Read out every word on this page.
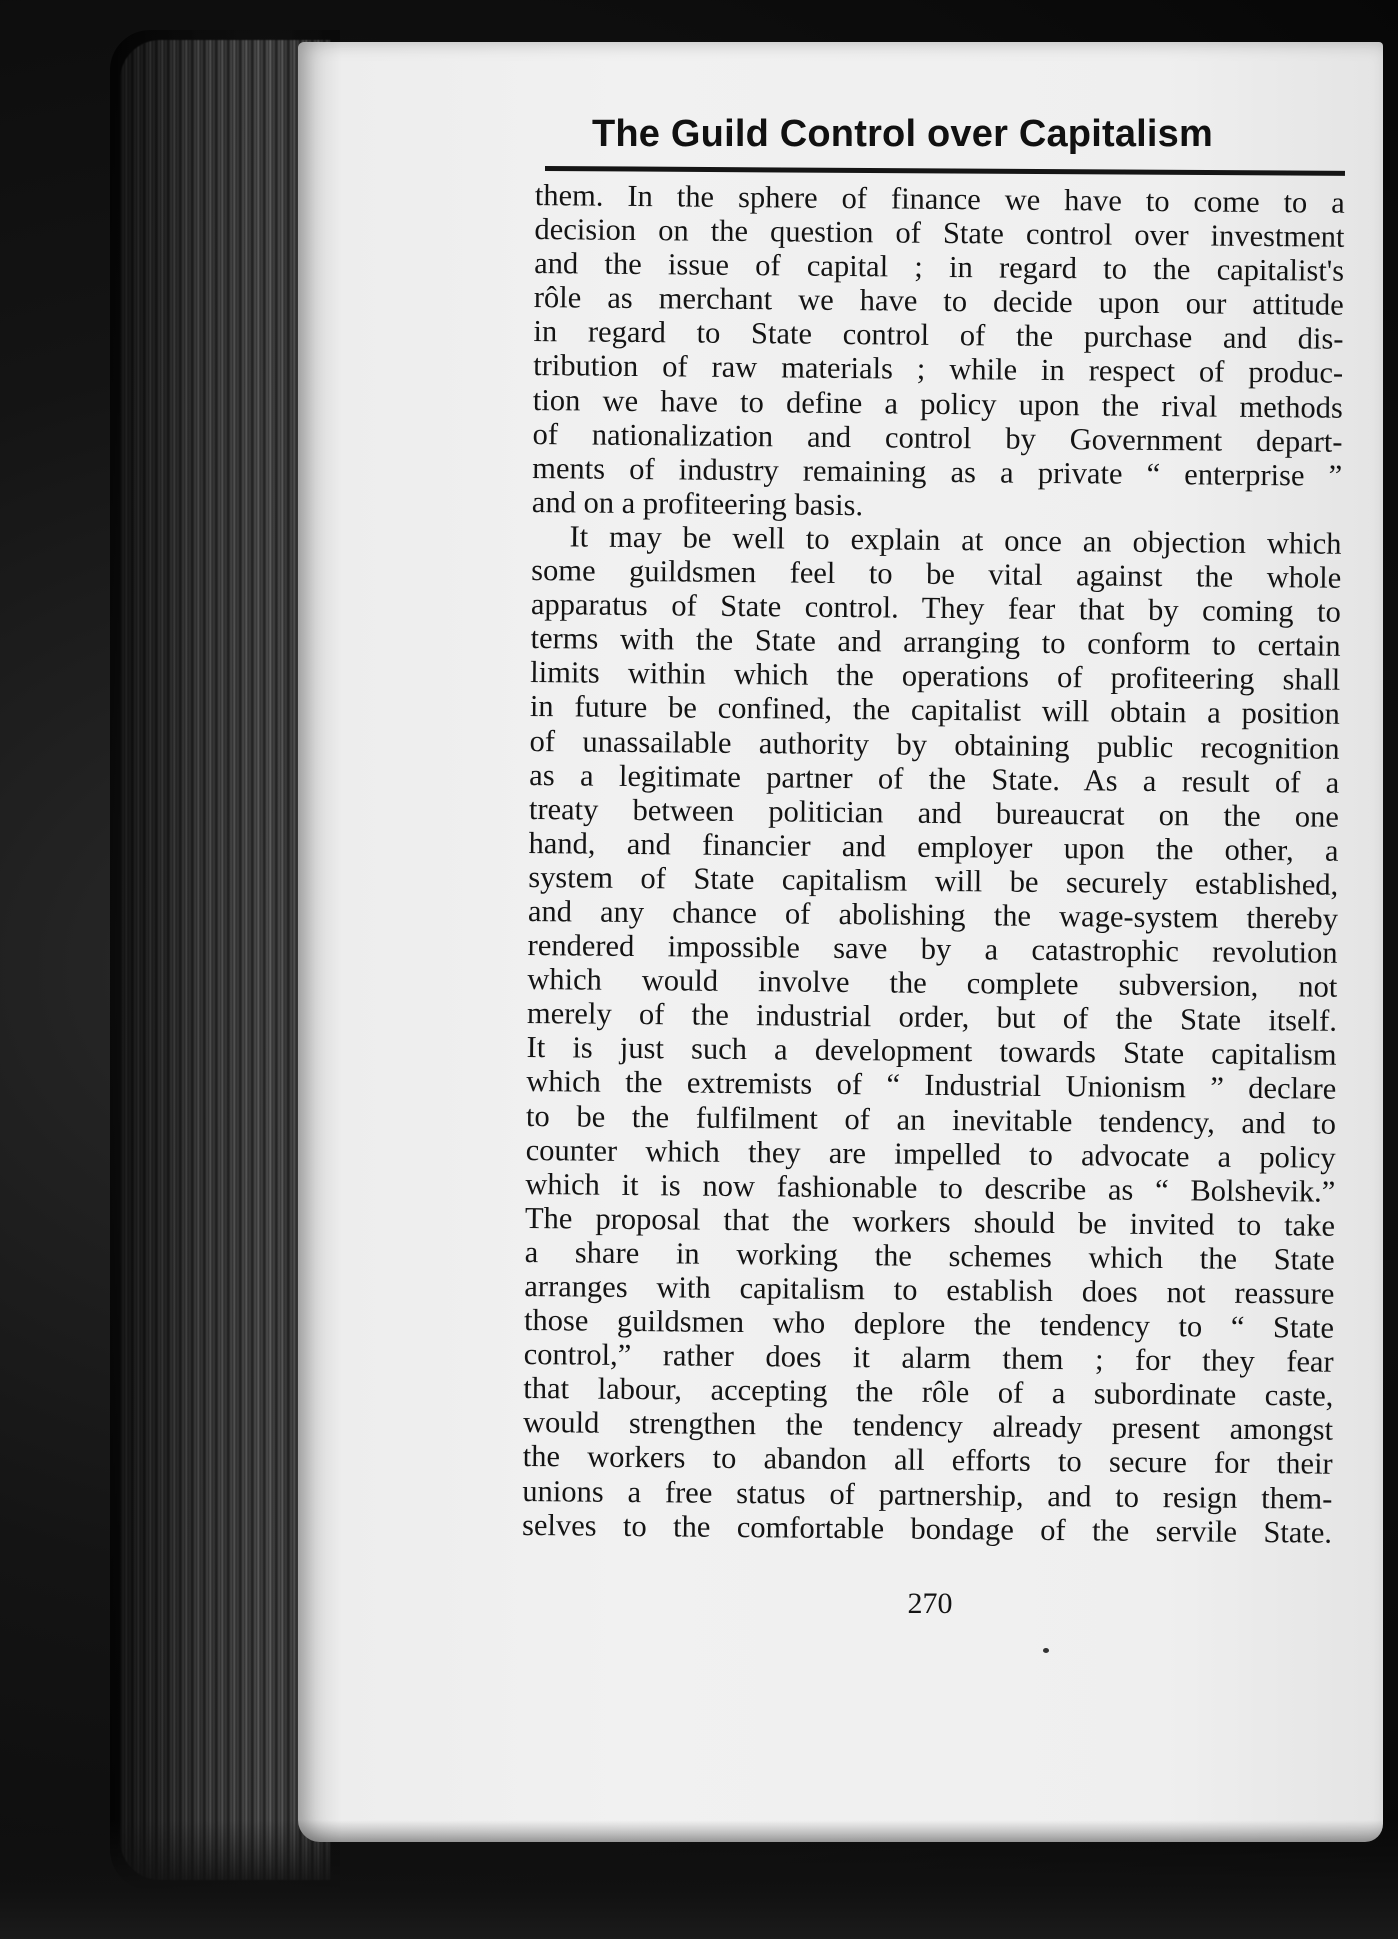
The Guild Control over Capitalism
them. In the sphere of finance we have to come to a
decision on the question of State control over investment
and the issue of capital ; in regard to the capitalist's
rôle as merchant we have to decide upon our attitude
in regard to State control of the purchase and dis-
tribution of raw materials ; while in respect of produc-
tion we have to define a policy upon the rival methods
of nationalization and control by Government depart-
ments of industry remaining as a private “ enterprise ”
and on a profiteering basis.
It may be well to explain at once an objection which
some guildsmen feel to be vital against the whole
apparatus of State control. They fear that by coming to
terms with the State and arranging to conform to certain
limits within which the operations of profiteering shall
in future be confined, the capitalist will obtain a position
of unassailable authority by obtaining public recognition
as a legitimate partner of the State. As a result of a
treaty between politician and bureaucrat on the one
hand, and financier and employer upon the other, a
system of State capitalism will be securely established,
and any chance of abolishing the wage-system thereby
rendered impossible save by a catastrophic revolution
which would involve the complete subversion, not
merely of the industrial order, but of the State itself.
It is just such a development towards State capitalism
which the extremists of “ Industrial Unionism ” declare
to be the fulfilment of an inevitable tendency, and to
counter which they are impelled to advocate a policy
which it is now fashionable to describe as “ Bolshevik.”
The proposal that the workers should be invited to take
a share in working the schemes which the State
arranges with capitalism to establish does not reassure
those guildsmen who deplore the tendency to “ State
control,” rather does it alarm them ; for they fear
that labour, accepting the rôle of a subordinate caste,
would strengthen the tendency already present amongst
the workers to abandon all efforts to secure for their
unions a free status of partnership, and to resign them-
selves to the comfortable bondage of the servile State.
270
